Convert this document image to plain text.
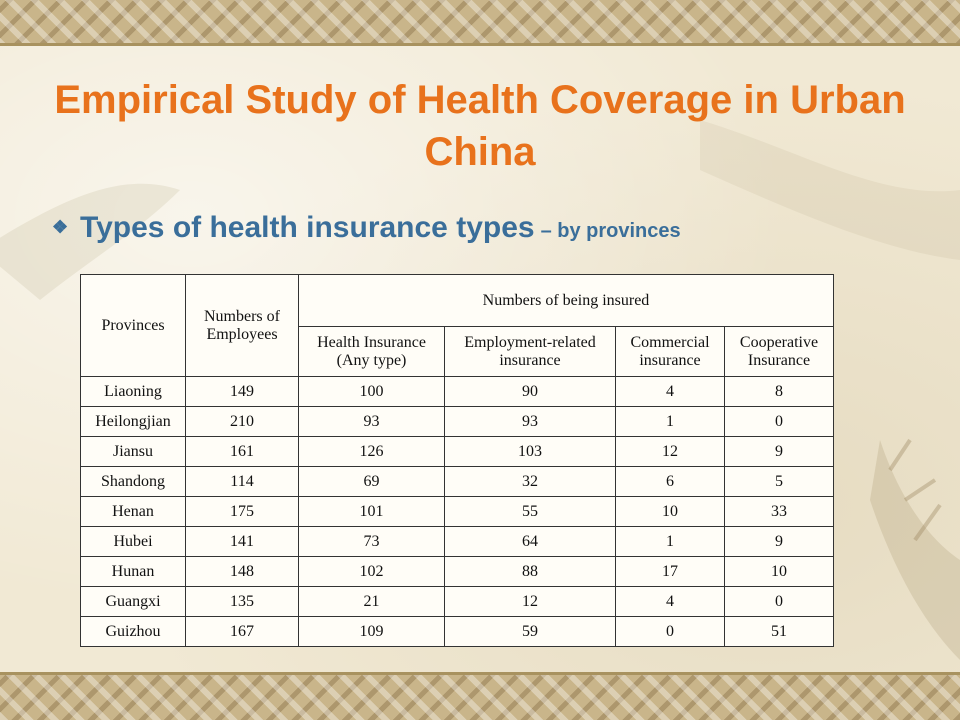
Empirical Study of Health Coverage in Urban China
❖ Types of health insurance types – by provinces
Provinces	Numbers of Employees	Numbers of being insured			
		Health Insurance (Any type)	Employment-related insurance	Commercial insurance	Cooperative Insurance
Liaoning	149	100	90	4	8
Heilongjian	210	93	93	1	0
Jiansu	161	126	103	12	9
Shandong	114	69	32	6	5
Henan	175	101	55	10	33
Hubei	141	73	64	1	9
Hunan	148	102	88	17	10
Guangxi	135	21	12	4	0
Guizhou	167	109	59	0	51
